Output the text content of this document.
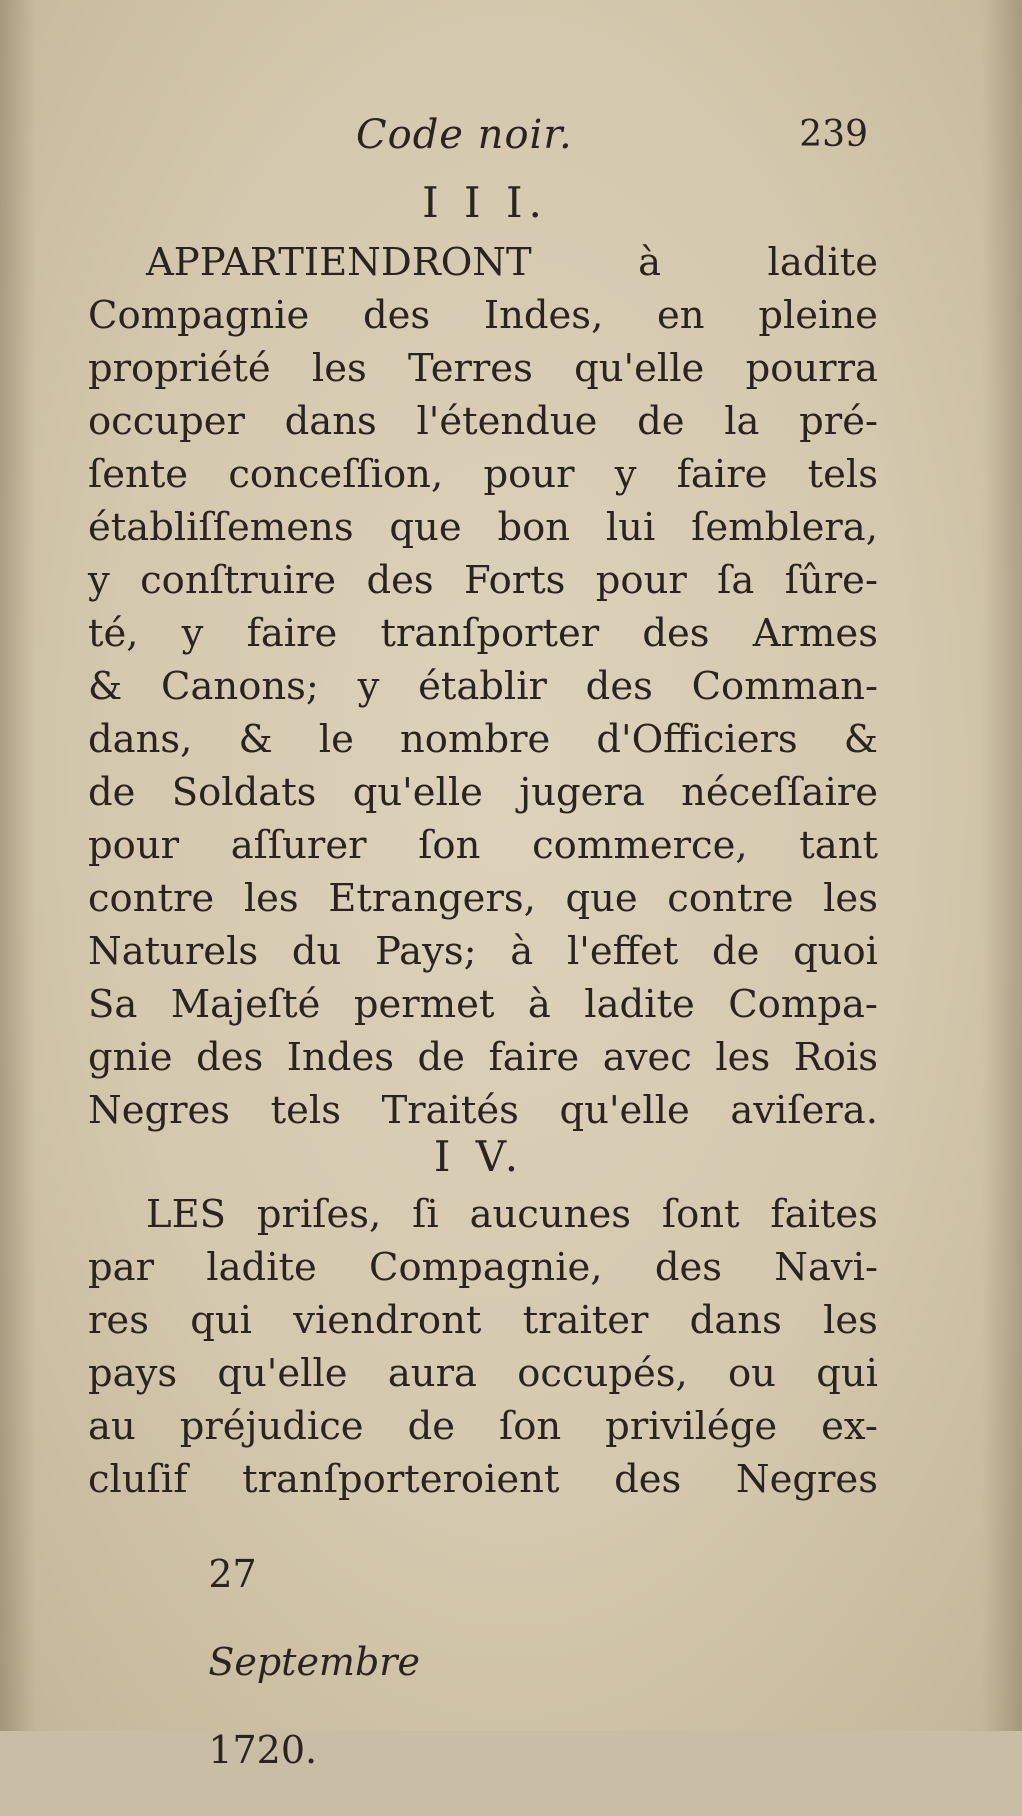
Code noir.	239
I I I.
APPARTIENDRONT	à	ladite
Compagnie des Indes, en pleine
propriété les Terres qu'elle pourra
occuper dans l'étendue de la pré-
ſente conceſſion, pour y faire tels
établiſſemens que bon lui ſemblera,
y conſtruire des Forts pour ſa ſûre-
té, y faire tranſporter des Armes
& Canons; y établir des Comman-
dans, & le nombre d'Officiers &
de Soldats qu'elle jugera néceſſaire
pour aſſurer ſon commerce, tant
contre les Etrangers, que contre les
Naturels du Pays; à l'effet de quoi
Sa Majeſté permet à ladite Compa-
gnie des Indes de faire avec les Rois
Negres tels Traités qu'elle aviſera.
I V.
LES priſes, ſi aucunes ſont faites
par ladite Compagnie, des Navi-
res qui viendront traiter dans les
pays qu'elle aura occupés, ou qui
au préjudice de ſon privilége ex-
cluſif tranſporteroient des Negres

27

Septembre

1720.
